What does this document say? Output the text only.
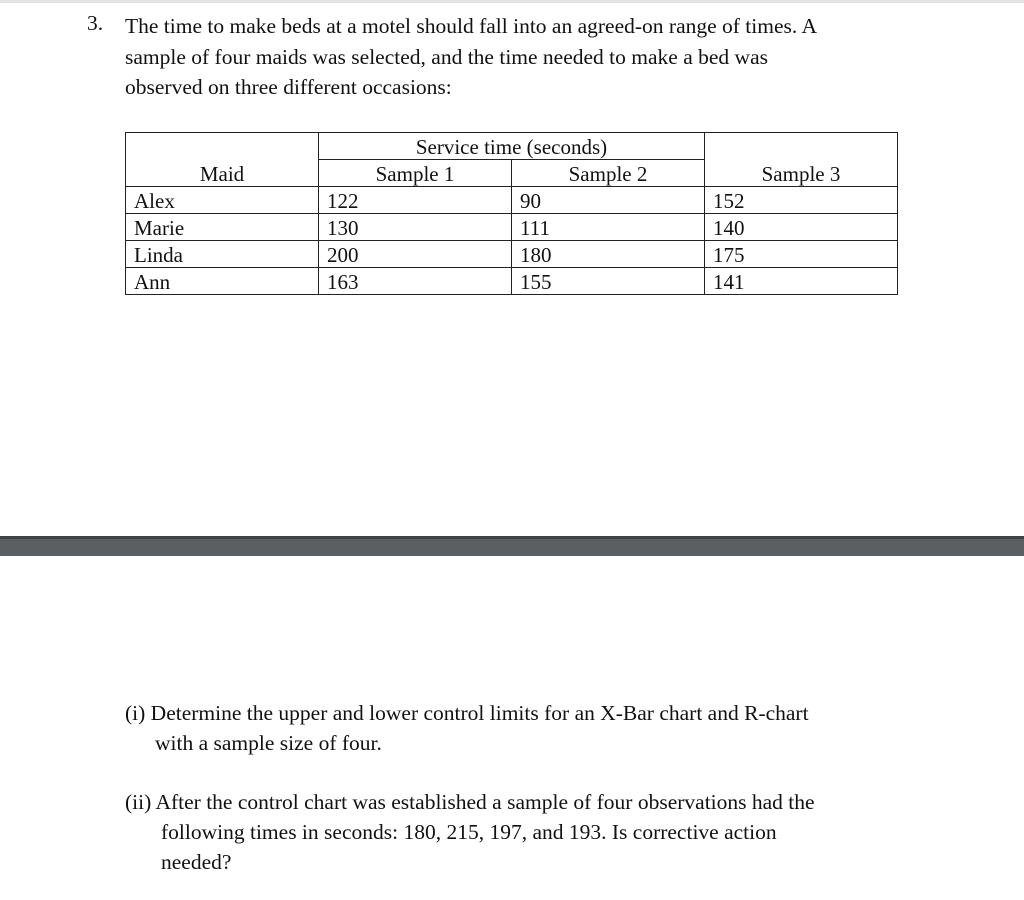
3. The time to make beds at a motel should fall into an agreed-on range of times. A
sample of four maids was selected, and the time needed to make a bed was
observed on three different occasions:
	Service time (seconds)		
Maid	Sample 1	Sample 2	Sample 3
Alex	122	90	152
Marie	130	111	140
Linda	200	180	175
Ann	163	155	141
(i) Determine the upper and lower control limits for an X-Bar chart and R-chart
with a sample size of four.
(ii) After the control chart was established a sample of four observations had the
following times in seconds: 180, 215, 197, and 193. Is corrective action
needed?
